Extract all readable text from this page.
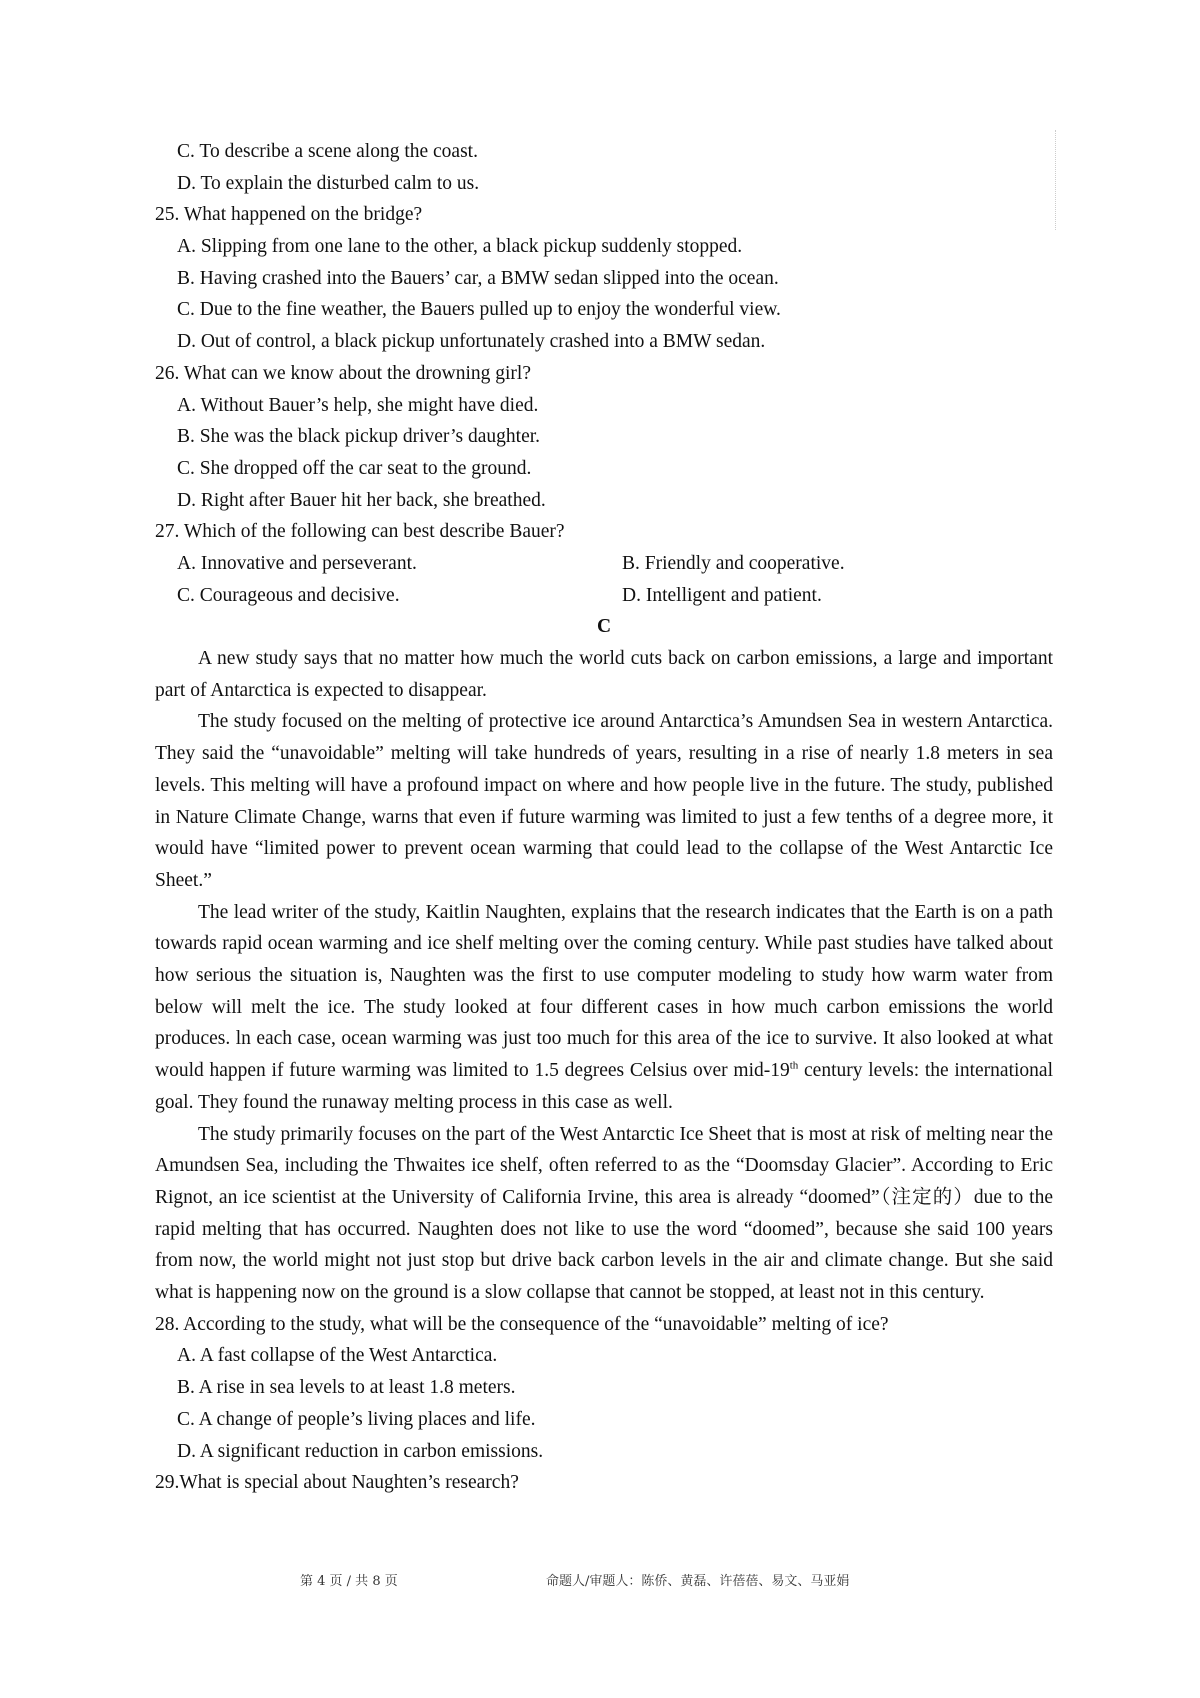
C. To describe a scene along the coast.
D. To explain the disturbed calm to us.
25. What happened on the bridge?
A. Slipping from one lane to the other, a black pickup suddenly stopped.
B. Having crashed into the Bauers’ car, a BMW sedan slipped into the ocean.
C. Due to the fine weather, the Bauers pulled up to enjoy the wonderful view.
D. Out of control, a black pickup unfortunately crashed into a BMW sedan.
26. What can we know about the drowning girl?
A. Without Bauer’s help, she might have died.
B. She was the black pickup driver’s daughter.
C. She dropped off the car seat to the ground.
D. Right after Bauer hit her back, she breathed.
27. Which of the following can best describe Bauer?
A. Innovative and perseverant.	B. Friendly and cooperative.
C. Courageous and decisive.	D. Intelligent and patient.
C

A new study says that no matter how much the world cuts back on carbon emissions, a large and important part of Antarctica is expected to disappear.

The study focused on the melting of protective ice around Antarctica’s Amundsen Sea in western Antarctica. They said the “unavoidable” melting will take hundreds of years, resulting in a rise of nearly 1.8 meters in sea levels. This melting will have a profound impact on where and how people live in the future. The study, published in Nature Climate Change, warns that even if future warming was limited to just a few tenths of a degree more, it would have “limited power to prevent ocean warming that could lead to the collapse of the West Antarctic Ice Sheet.”

The lead writer of the study, Kaitlin Naughten, explains that the research indicates that the Earth is on a path towards rapid ocean warming and ice shelf melting over the coming century. While past studies have talked about how serious the situation is, Naughten was the first to use computer modeling to study how warm water from below will melt the ice. The study looked at four different cases in how much carbon emissions the world produces. ln each case, ocean warming was just too much for this area of the ice to survive. It also looked at what would happen if future warming was limited to 1.5 degrees Celsius over mid-19th century levels: the international goal. They found the runaway melting process in this case as well.

The study primarily focuses on the part of the West Antarctic Ice Sheet that is most at risk of melting near the Amundsen Sea, including the Thwaites ice shelf, often referred to as the “Doomsday Glacier”. According to Eric Rignot, an ice scientist at the University of California Irvine, this area is already “doomed”（注定的）due to the rapid melting that has occurred. Naughten does not like to use the word “doomed”, because she said 100 years from now, the world might not just stop but drive back carbon levels in the air and climate change. But she said what is happening now on the ground is a slow collapse that cannot be stopped, at least not in this century.

28. According to the study, what will be the consequence of the “unavoidable” melting of ice?
A. A fast collapse of the West Antarctica.
B. A rise in sea levels to at least 1.8 meters.
C. A change of people’s living places and life.
D. A significant reduction in carbon emissions.
29.What is special about Naughten’s research?
第 4 页 / 共 8 页	命题人/审题人：陈侨、黄磊、许蓓蓓、易文、马亚娟
